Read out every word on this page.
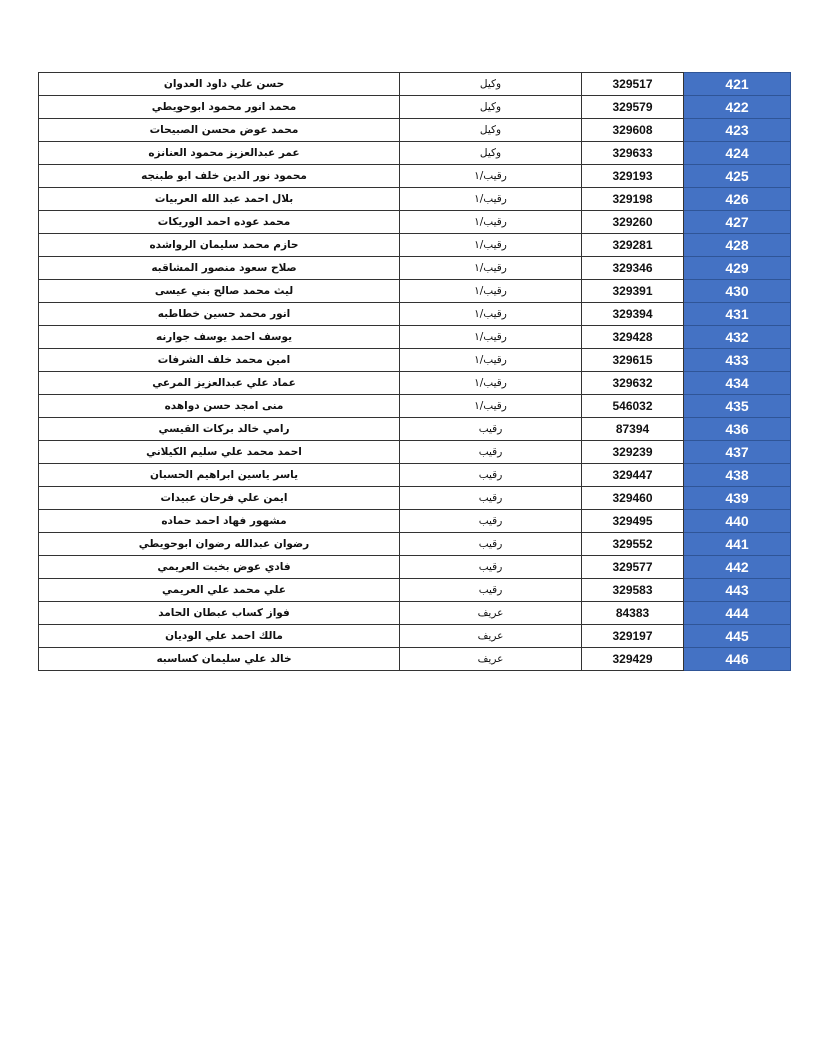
حسن علي داود العدوان	وكيل	329517	421
محمد انور محمود ابوحويطي	وكيل	329579	422
محمد عوض محسن الصبيحات	وكيل	329608	423
عمر عبدالعزيز محمود العنانزه	وكيل	329633	424
محمود نور الدين خلف ابو طبنجه	رقيب/١	329193	425
بلال احمد عبد الله العربيات	رقيب/١	329198	426
محمد عوده احمد الوريكات	رقيب/١	329260	427
حازم محمد سليمان الرواشده	رقيب/١	329281	428
صلاح سعود منصور المشاقبه	رقيب/١	329346	429
ليث محمد صالح بني عيسى	رقيب/١	329391	430
انور محمد حسين خطاطبه	رقيب/١	329394	431
يوسف احمد يوسف جوارنه	رقيب/١	329428	432
امين محمد خلف الشرفات	رقيب/١	329615	433
عماد علي عبدالعزيز المرعي	رقيب/١	329632	434
منى امجد حسن دواهده	رقيب/١	546032	435
رامي خالد بركات القيسي	رقيب	87394	436
احمد محمد علي سليم الكيلاني	رقيب	329239	437
ياسر ياسين ابراهيم الحسبان	رقيب	329447	438
ايمن علي فرحان عبيدات	رقيب	329460	439
مشهور فهاد احمد حماده	رقيب	329495	440
رضوان عبدالله رضوان ابوحويطي	رقيب	329552	441
فادي عوض بخيت العريمي	رقيب	329577	442
علي محمد علي العريمي	رقيب	329583	443
فواز كساب عبطان الحامد	عريف	84383	444
مالك احمد علي الوديان	عريف	329197	445
خالد علي سليمان كساسبه	عريف	329429	446
